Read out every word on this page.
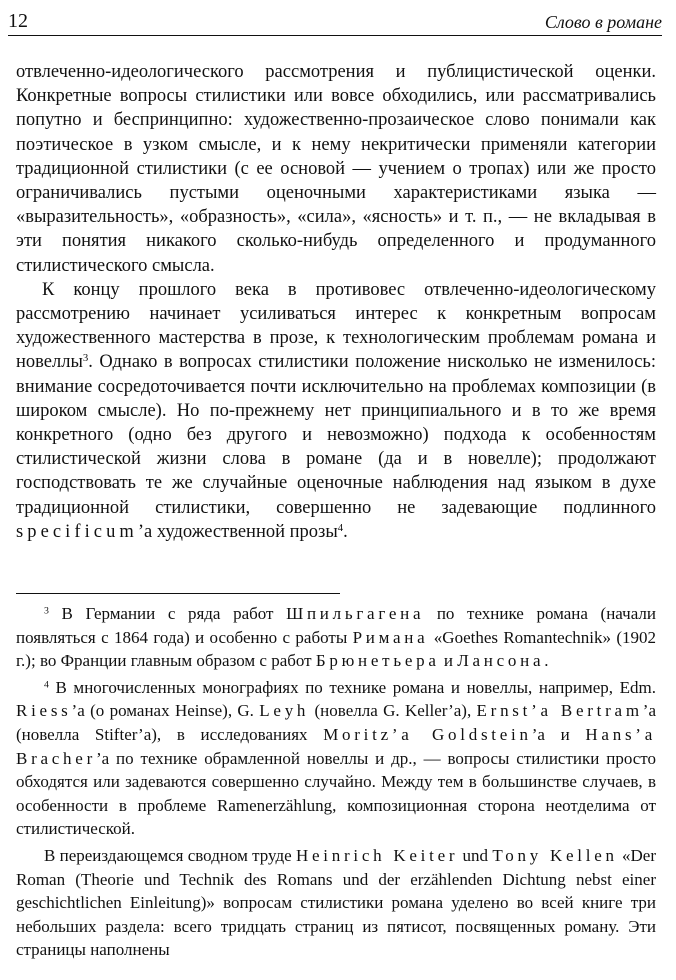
12	Слово в романе

отвлеченно-идеологического рассмотрения и публицистической оценки. Конкретные вопросы стилистики или вовсе обходились, или рассматривались попутно и беспринципно: художественно-прозаическое слово понимали как поэтическое в узком смысле, и к нему некритически применяли категории традиционной стилистики (с ее основой — учением о тропах) или же просто ограничивались пустыми оценочными характеристиками языка — «выразительность», «образность», «сила», «ясность» и т. п., — не вкладывая в эти понятия никакого сколько-нибудь определенного и продуманного стилистического смысла.

К концу прошлого века в противовес отвлеченно-идеологическому рассмотрению начинает усиливаться интерес к конкретным вопросам художественного мастерства в прозе, к технологическим проблемам романа и новеллы$^3$. Однако в вопросах стилистики положение нисколько не изменилось: внимание сосредоточивается почти исключительно на проблемах композиции (в широком смысле). Но по-прежнему нет принципиального и в то же время конкретного (одно без другого и невозможно) подхода к особенностям стилистической жизни слова в романе (да и в новелле); продолжают господствовать те же случайные оценочные наблюдения над языком в духе традиционной стилистики, совершенно не задевающие подлинного specificum’а художественной прозы$^4$.

$^3$ В Германии с ряда работ Шпильгагена по технике романа (начали появляться с 1864 года) и особенно с работы Римана «Goethes Romantechnik» (1902 г.); во Франции главным образом с работ Брюнетьера и Лансона.

$^4$ В многочисленных монографиях по технике романа и новеллы, например, Edm. Riess’а (о романах Heinse), G. Leyh (новелла G. Keller’a), Ernst’a Bertram’а (новелла Stifter’a), в исследованиях Moritz’a Goldstein’а и Hans’a Bracher’а по технике обрамленной новеллы и др., — вопросы стилистики просто обходятся или задеваются совершенно случайно. Между тем в большинстве случаев, в особенности в проблеме Ramenerzählung, композиционная сторона неотделима от стилистической.

В переиздающемся сводном труде Heinrich Keiter und Tony Kellen «Der Roman (Theorie und Technik des Romans und der erzählenden Dichtung nebst einer geschichtlichen Einleitung)» вопросам стилистики романа уделено во всей книге три небольших раздела: всего тридцать страниц из пятисот, посвященных роману. Эти страницы наполнены
